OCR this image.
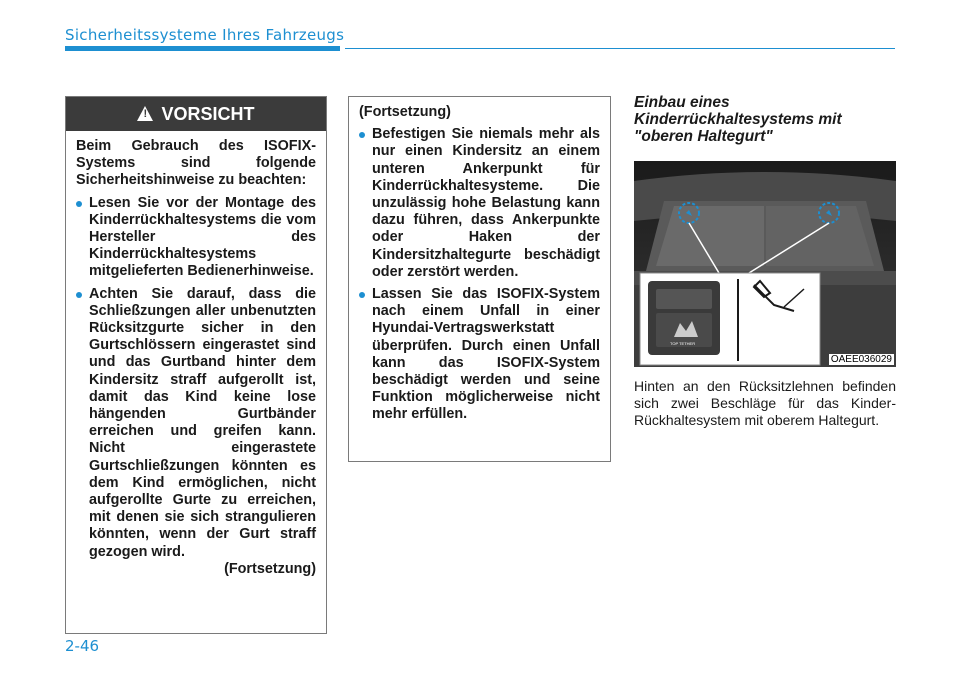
Sicherheitssysteme Ihres Fahrzeugs
!
VORSICHT

Beim Gebrauch des ISOFIX-Systems sind folgende Sicherheitshinweise zu beachten:

Lesen Sie vor der Montage des Kinderrückhaltesystems die vom Hersteller des Kinderrückhaltesystems mitgelieferten Bedienerhinweise.
Achten Sie darauf, dass die Schließzungen aller unbenutzten Rücksitzgurte sicher in den Gurtschlössern eingerastet sind und das Gurtband hinter dem Kindersitz straff aufgerollt ist, damit das Kind keine lose hängenden Gurtbänder erreichen und greifen kann. Nicht eingerastete Gurtschließzungen könnten es dem Kind ermöglichen, nicht aufgerollte Gurte zu erreichen, mit denen sie sich strangulieren könnten, wenn der Gurt straff gezogen wird.

(Fortsetzung)

(Fortsetzung)

Befestigen Sie niemals mehr als nur einen Kindersitz an einem unteren Ankerpunkt für Kinderrückhaltesysteme. Die unzulässig hohe Belastung kann dazu führen, dass Ankerpunkte oder Haken der Kindersitzhaltegurte beschädigt oder zerstört werden.
Lassen Sie das ISOFIX-System nach einem Unfall in einer Hyundai-Vertragswerkstatt überprüfen. Durch einen Unfall kann das ISOFIX-System beschädigt werden und seine Funktion möglicherweise nicht mehr erfüllen.
Einbau eines Kinderrückhaltesystems mit "oberen Haltegurt"
TOP TETHER
OAEE036029
Hinten an den Rücksitzlehnen befinden sich zwei Beschläge für das Kinder-Rückhaltesystem mit oberem Haltegurt.
2-46
